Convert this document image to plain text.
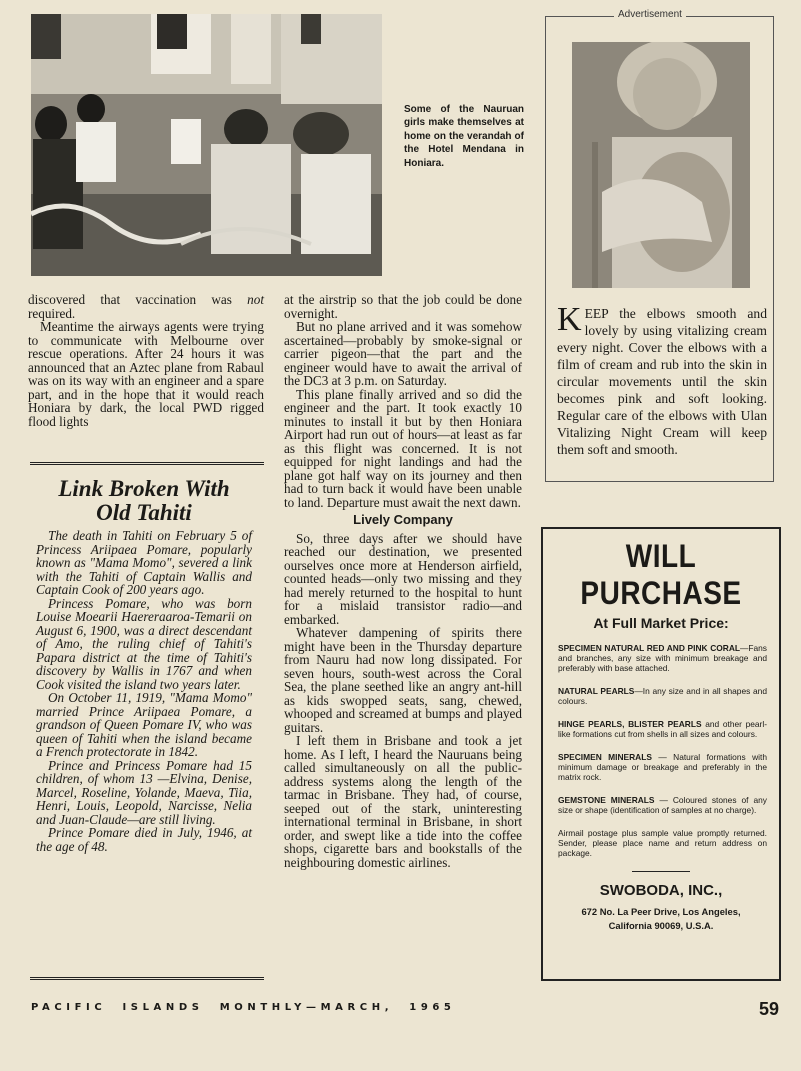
Some of the Nauruan girls make themselves at home on the verandah of the Hotel Mendana in Honiara.

discovered that vaccination was not required.

Meantime the airways agents were trying to communicate with Melbourne over rescue operations. After 24 hours it was announced that an Aztec plane from Rabaul was on its way with an engineer and a spare part, and in the hope that it would reach Honiara by dark, the local PWD rigged flood lights

Link Broken With
Old Tahiti

The death in Tahiti on February 5 of Princess Ariipaea Pomare, popularly known as "Mama Momo", severed a link with the Tahiti of Captain Wallis and Captain Cook of 200 years ago.

Princess Pomare, who was born Louise Moearii Haereraaroa-Temarii on August 6, 1900, was a direct descendant of Amo, the ruling chief of Tahiti's Papara district at the time of Tahiti's discovery by Wallis in 1767 and when Cook visited the island two years later.

On October 11, 1919, "Mama Momo" married Prince Ariipaea Pomare, a grandson of Queen Pomare IV, who was queen of Tahiti when the island became a French protectorate in 1842.

Prince and Princess Pomare had 15 children, of whom 13 —Elvina, Denise, Marcel, Roseline, Yolande, Maeva, Tiia, Henri, Louis, Leopold, Narcisse, Nelia and Juan-Claude—are still living.

Prince Pomare died in July, 1946, at the age of 48.

at the airstrip so that the job could be done overnight.

But no plane arrived and it was somehow ascertained—probably by smoke-signal or carrier pigeon—that the part and the engineer would have to await the arrival of the DC3 at 3 p.m. on Saturday.

This plane finally arrived and so did the engineer and the part. It took exactly 10 minutes to install it but by then Honiara Airport had run out of hours—at least as far as this flight was concerned. It is not equipped for night landings and had the plane got half way on its journey and then had to turn back it would have been unable to land. Departure must await the next dawn.

Lively Company

So, three days after we should have reached our destination, we presented ourselves once more at Henderson airfield, counted heads—only two missing and they had merely returned to the hospital to hunt for a mislaid transistor radio—and embarked.

Whatever dampening of spirits there might have been in the Thursday departure from Nauru had now long dissipated. For seven hours, south-west across the Coral Sea, the plane seethed like an angry ant-hill as kids swopped seats, sang, chewed, whooped and screamed at bumps and played guitars.

I left them in Brisbane and took a jet home. As I left, I heard the Nauruans being called simultaneously on all the public-address systems along the length of the tarmac in Brisbane. They had, of course, seeped out of the stark, uninteresting international terminal in Brisbane, in short order, and swept like a tide into the coffee shops, cigarette bars and bookstalls of the neighbouring domestic airlines.

KEEP the elbows smooth and lovely by using vitalizing cream every night. Cover the elbows with a film of cream and rub into the skin in circular movements until the skin becomes pink and soft looking. Regular care of the elbows with Ulan Vitalizing Night Cream will keep them soft and smooth.
Advertisement
WILL PURCHASE
At Full Market Price:
SPECIMEN NATURAL RED AND PINK CORAL—Fans and branches, any size with minimum breakage and preferably with base attached.
NATURAL PEARLS—In any size and in all shapes and colours.
HINGE PEARLS, BLISTER PEARLS and other pearl-like formations cut from shells in all sizes and colours.
SPECIMEN MINERALS — Natural formations with minimum damage or breakage and preferably in the matrix rock.
GEMSTONE MINERALS — Coloured stones of any size or shape (identification of samples at no charge).
Airmail postage plus sample value promptly returned. Sender, please place name and return address on package.
SWOBODA, INC.,
672 No. La Peer Drive, Los Angeles,
California 90069, U.S.A.
PACIFIC  ISLANDS  MONTHLY—MARCH,  1965	59
